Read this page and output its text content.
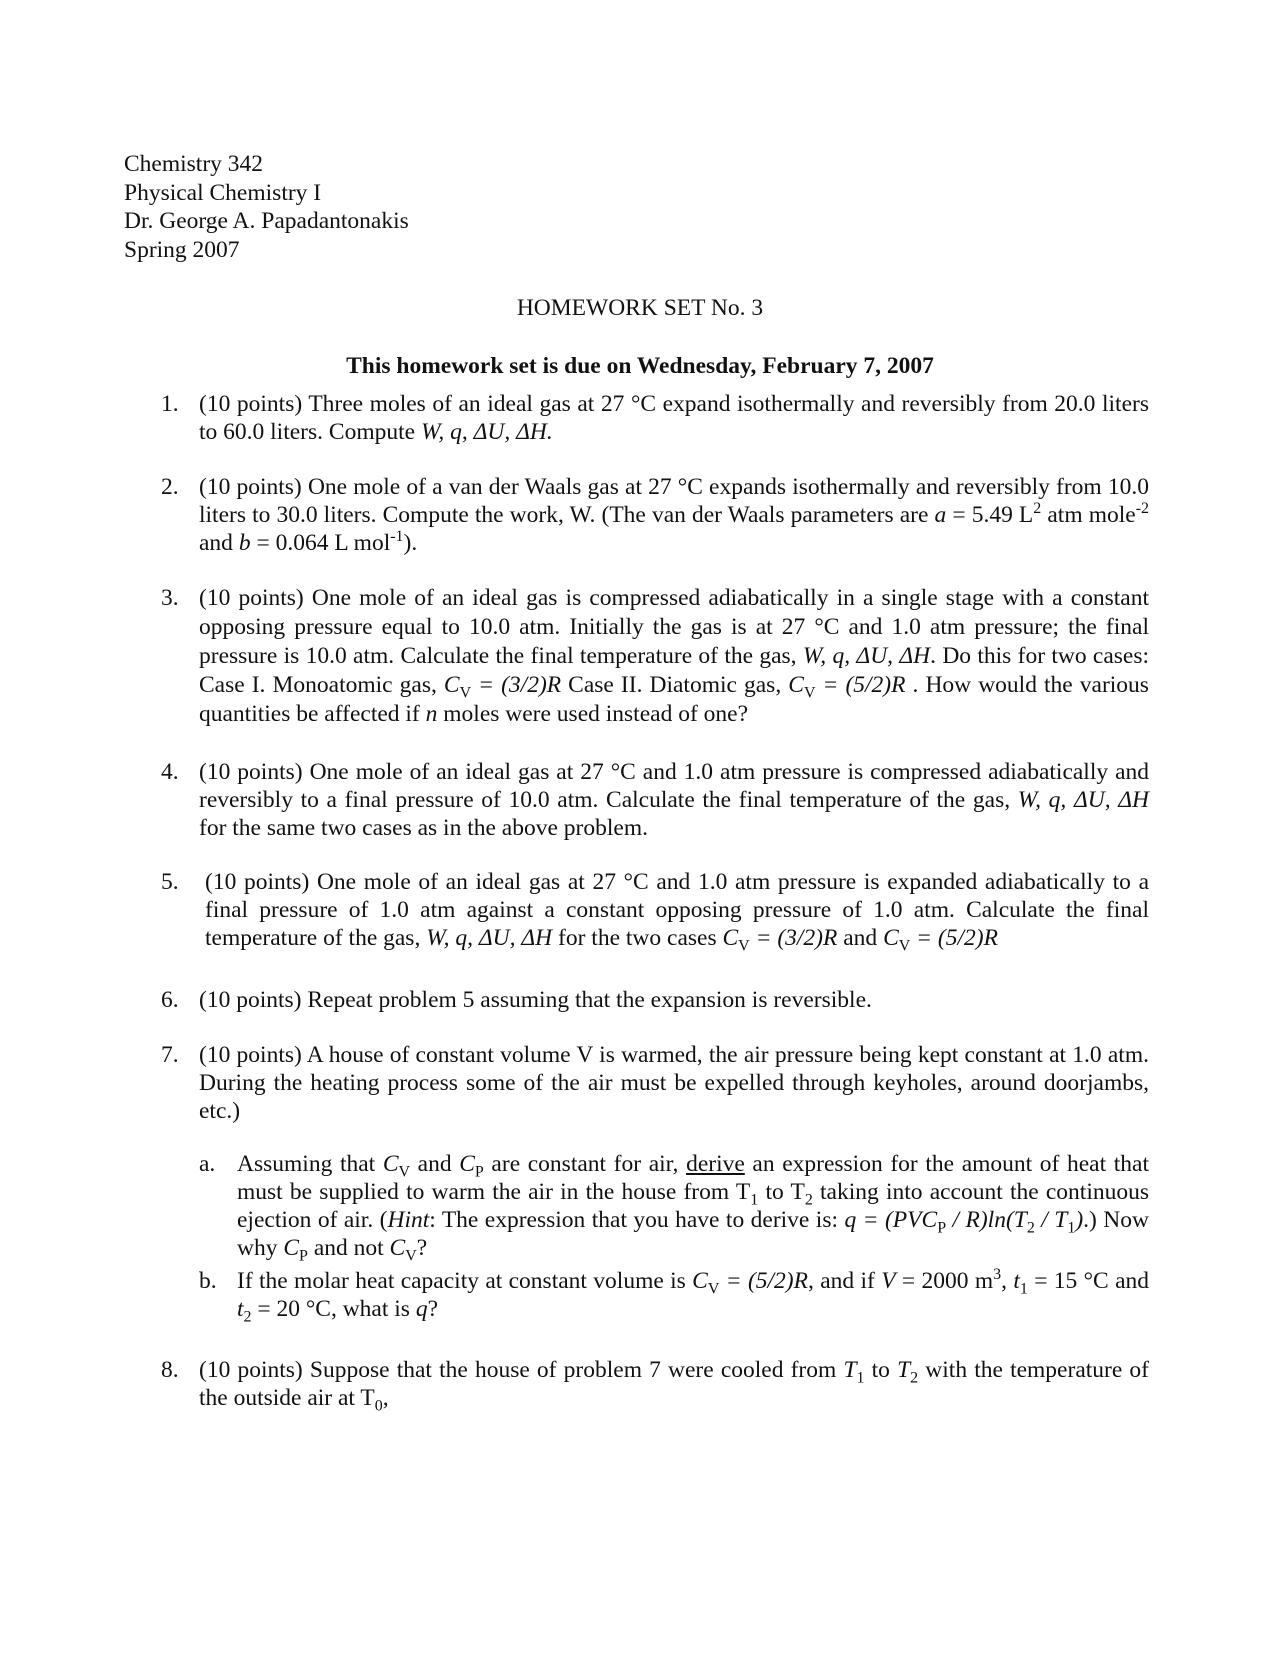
Chemistry 342
Physical Chemistry I
Dr. George A. Papadantonakis
Spring 2007
HOMEWORK SET No. 3
This homework set is due on Wednesday, February 7, 2007
1. (10 points) Three moles of an ideal gas at 27 °C expand isothermally and reversibly from 20.0 liters to 60.0 liters. Compute W, q, ΔU, ΔH.
2. (10 points) One mole of a van der Waals gas at 27 °C expands isothermally and reversibly from 10.0 liters to 30.0 liters. Compute the work, W. (The van der Waals parameters are a = 5.49 $L^2$ atm mole$^{-2}$ and b = 0.064 L mol$^{-1}$).
3. (10 points) One mole of an ideal gas is compressed adiabatically in a single stage with a constant opposing pressure equal to 10.0 atm. Initially the gas is at 27 °C and 1.0 atm pressure; the final pressure is 10.0 atm. Calculate the final temperature of the gas, W, q, ΔU, ΔH. Do this for two cases: Case I. Monoatomic gas, $C_V = (3/2)R$ Case II. Diatomic gas, $C_V = (5/2)R$ . How would the various quantities be affected if n moles were used instead of one?
4. (10 points) One mole of an ideal gas at 27 °C and 1.0 atm pressure is compressed adiabatically and reversibly to a final pressure of 10.0 atm. Calculate the final temperature of the gas, W, q, ΔU, ΔH for the same two cases as in the above problem.
5.	(10 points) One mole of an ideal gas at 27 °C and 1.0 atm pressure is expanded adiabatically to a final pressure of 1.0 atm against a constant opposing pressure of 1.0 atm. Calculate the final temperature of the gas, W, q, ΔU, ΔH for the two cases $C_V = (3/2)R$ and $C_V = (5/2)R$
6. (10 points) Repeat problem 5 assuming that the expansion is reversible.
7. (10 points) A house of constant volume V is warmed, the air pressure being kept constant at 1.0 atm. During the heating process some of the air must be expelled through keyholes, around doorjambs, etc.)
a. Assuming that $C_V$ and $C_P$ are constant for air, derive an expression for the amount of heat that must be supplied to warm the air in the house from $T_1$ to $T_2$ taking into account the continuous ejection of air. (Hint: The expression that you have to derive is: $q = (PVC_P / R)\ln(T_2 / T_1)$.) Now why $C_P$ and not $C_V$?
b. If the molar heat capacity at constant volume is $C_V = (5/2)R$, and if V = 2000 $m^3$, $t_1 = 15$ °C and $t_2 = 20$ °C, what is q?
8. (10 points) Suppose that the house of problem 7 were cooled from $T_1$ to $T_2$ with the temperature of the outside air at $T_0$,
